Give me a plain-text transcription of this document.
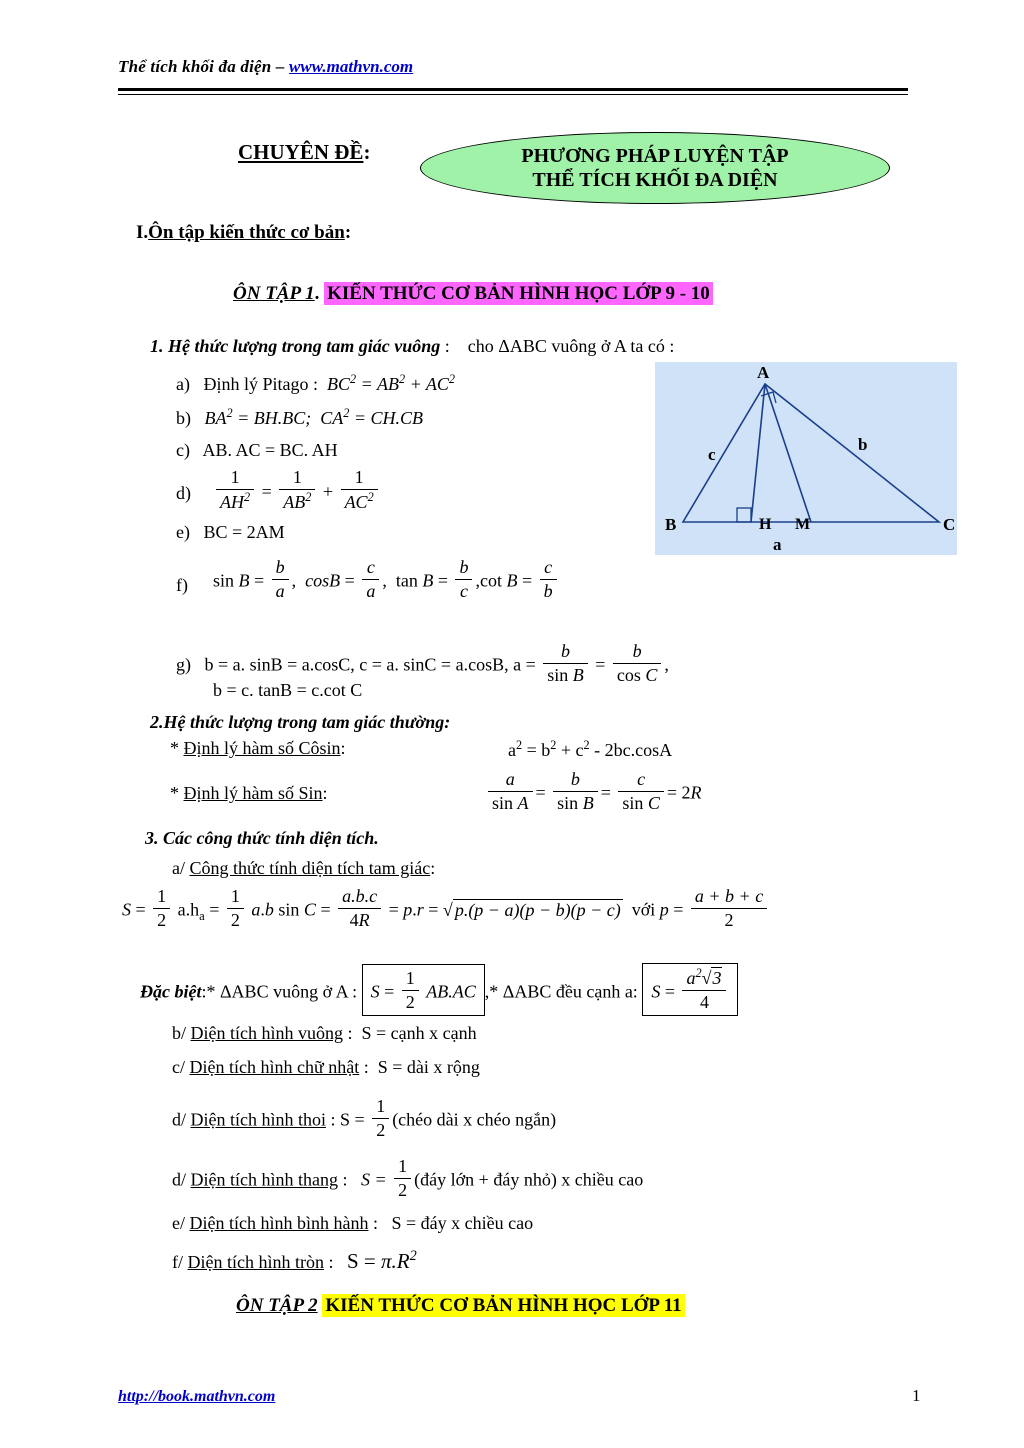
Thể tích khối đa diện – www.mathvn.com
CHUYÊN ĐỀ:	PHƯƠNG PHÁP LUYỆN TẬP
THỂ TÍCH KHỐI ĐA DIỆN
I.Ôn tập kiến thức cơ bản:
ÔN TẬP 1. KIẾN THỨC CƠ BẢN HÌNH HỌC LỚP 9 - 10
1. Hệ thức lượng trong tam giác vuông : cho ΔABC vuông ở A ta có :
a) Định lý Pitago :  $BC^2 = AB^2 + AC^2$
b) $BA^2 = BH.BC$;  $CA^2 = CH.CB$
c) AB. AC = BC. AH
$d) \frac{1}{AH^2} = \frac{1}{AB^2} + \frac{1}{AC^2}$
e) BC = 2AM
f) $\sin B = \frac{b}{a}$ ,  $\cos B = \frac{c}{a}$ ,  $\tan B = \frac{b}{c} ,\cot$ $B = \frac{c}{b}$
g) b = a. sinB = a.cosC, c = a. sinC = a.cosB, $a = \frac{b}{\text{sin B}} = \frac{b}{\text{cos C}}$ ,
b = c. tanB = c.cot C
A
B	C
H M
c
b
a
2.Hệ thức lượng trong tam giác thường:
* Định lý hàm số Côsin:	$a^2 = b^2 + c^2 - 2bc.\cos A$
* Định lý hàm số Sin:	$\frac{a}{\text{sin A}} = \frac{b}{\text{sin B}} = \frac{c}{\text{sin C}} = 2R$
3. Các công thức tính diện tích.
a/ Công thức tính diện tích tam giác:
$S = \frac{1}{2} a.h_a = \frac{1}{2} a.b$ $\sin C = \frac{a.b.c}{4R} = p.r$ = √ p.(p − a)(p − b)(p − c) với $p = \frac{a + b + c}{2}$
Đặc biệt:* ΔABC vuông ở A : $S = \frac{1}{2} AB.AC$ ,* ΔABC đều cạnh a: $S = \frac{a^2√3}{4}$
b/ Diện tích hình vuông :  S = cạnh x cạnh
c/ Diện tích hình chữ nhật :  S = dài x rộng
d/ Diện tích hình thoi : $S = \frac{1}{2}$ (chéo dài x chéo ngắn)
d/ Diện tích hình thang :   $S = \frac{1}{2}$ (đáy lớn + đáy nhỏ) x chiều cao
e/ Diện tích hình bình hành :   S = đáy x chiều cao
f/ Diện tích hình tròn :   $S = \pi.R^2$
ÔN TẬP 2 KIẾN THỨC CƠ BẢN HÌNH HỌC LỚP 11
http://book.mathvn.com	1
